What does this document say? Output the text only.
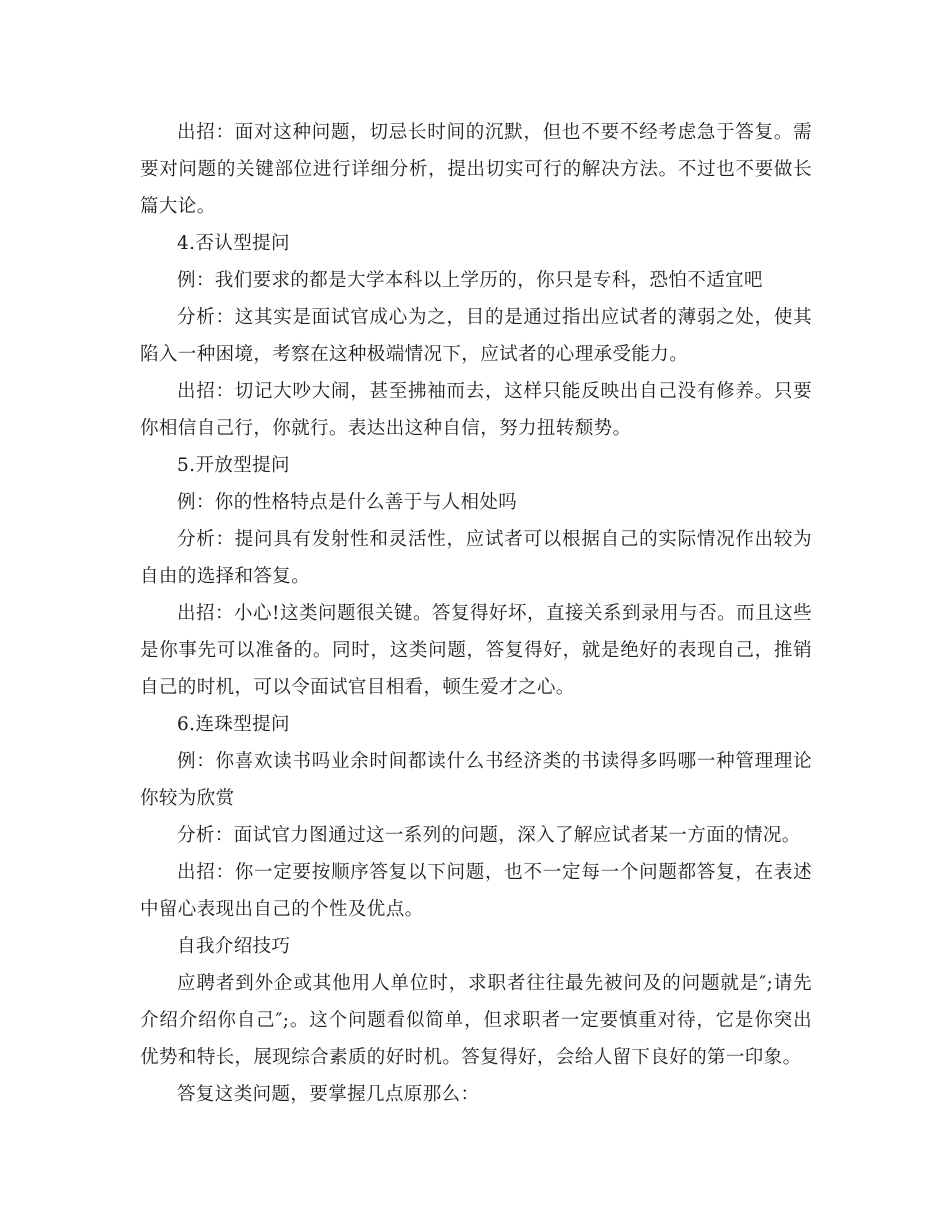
出招：面对这种问题，切忌长时间的沉默，但也不要不经考虑急于答复。需要对问题的关键部位进行详细分析，提出切实可行的解决方法。不过也不要做长篇大论。

4.否认型提问

例：我们要求的都是大学本科以上学历的，你只是专科，恐怕不适宜吧

分析：这其实是面试官成心为之，目的是通过指出应试者的薄弱之处，使其陷入一种困境，考察在这种极端情况下，应试者的心理承受能力。

出招：切记大吵大闹，甚至拂袖而去，这样只能反映出自己没有修养。只要你相信自己行，你就行。表达出这种自信，努力扭转颓势。

5.开放型提问

例：你的性格特点是什么善于与人相处吗

分析：提问具有发射性和灵活性，应试者可以根据自己的实际情况作出较为自由的选择和答复。

出招：小心!这类问题很关键。答复得好坏，直接关系到录用与否。而且这些是你事先可以准备的。同时，这类问题，答复得好，就是绝好的表现自己，推销自己的时机，可以令面试官目相看，顿生爱才之心。

6.连珠型提问

例：你喜欢读书吗业余时间都读什么书经济类的书读得多吗哪一种管理理论你较为欣赏

分析：面试官力图通过这一系列的问题，深入了解应试者某一方面的情况。

出招：你一定要按顺序答复以下问题，也不一定每一个问题都答复，在表述中留心表现出自己的个性及优点。

自我介绍技巧

应聘者到外企或其他用人单位时，求职者往往最先被问及的问题就是″;请先介绍介绍你自己″;。这个问题看似简单，但求职者一定要慎重对待，它是你突出优势和特长，展现综合素质的好时机。答复得好，会给人留下良好的第一印象。

答复这类问题，要掌握几点原那么：
